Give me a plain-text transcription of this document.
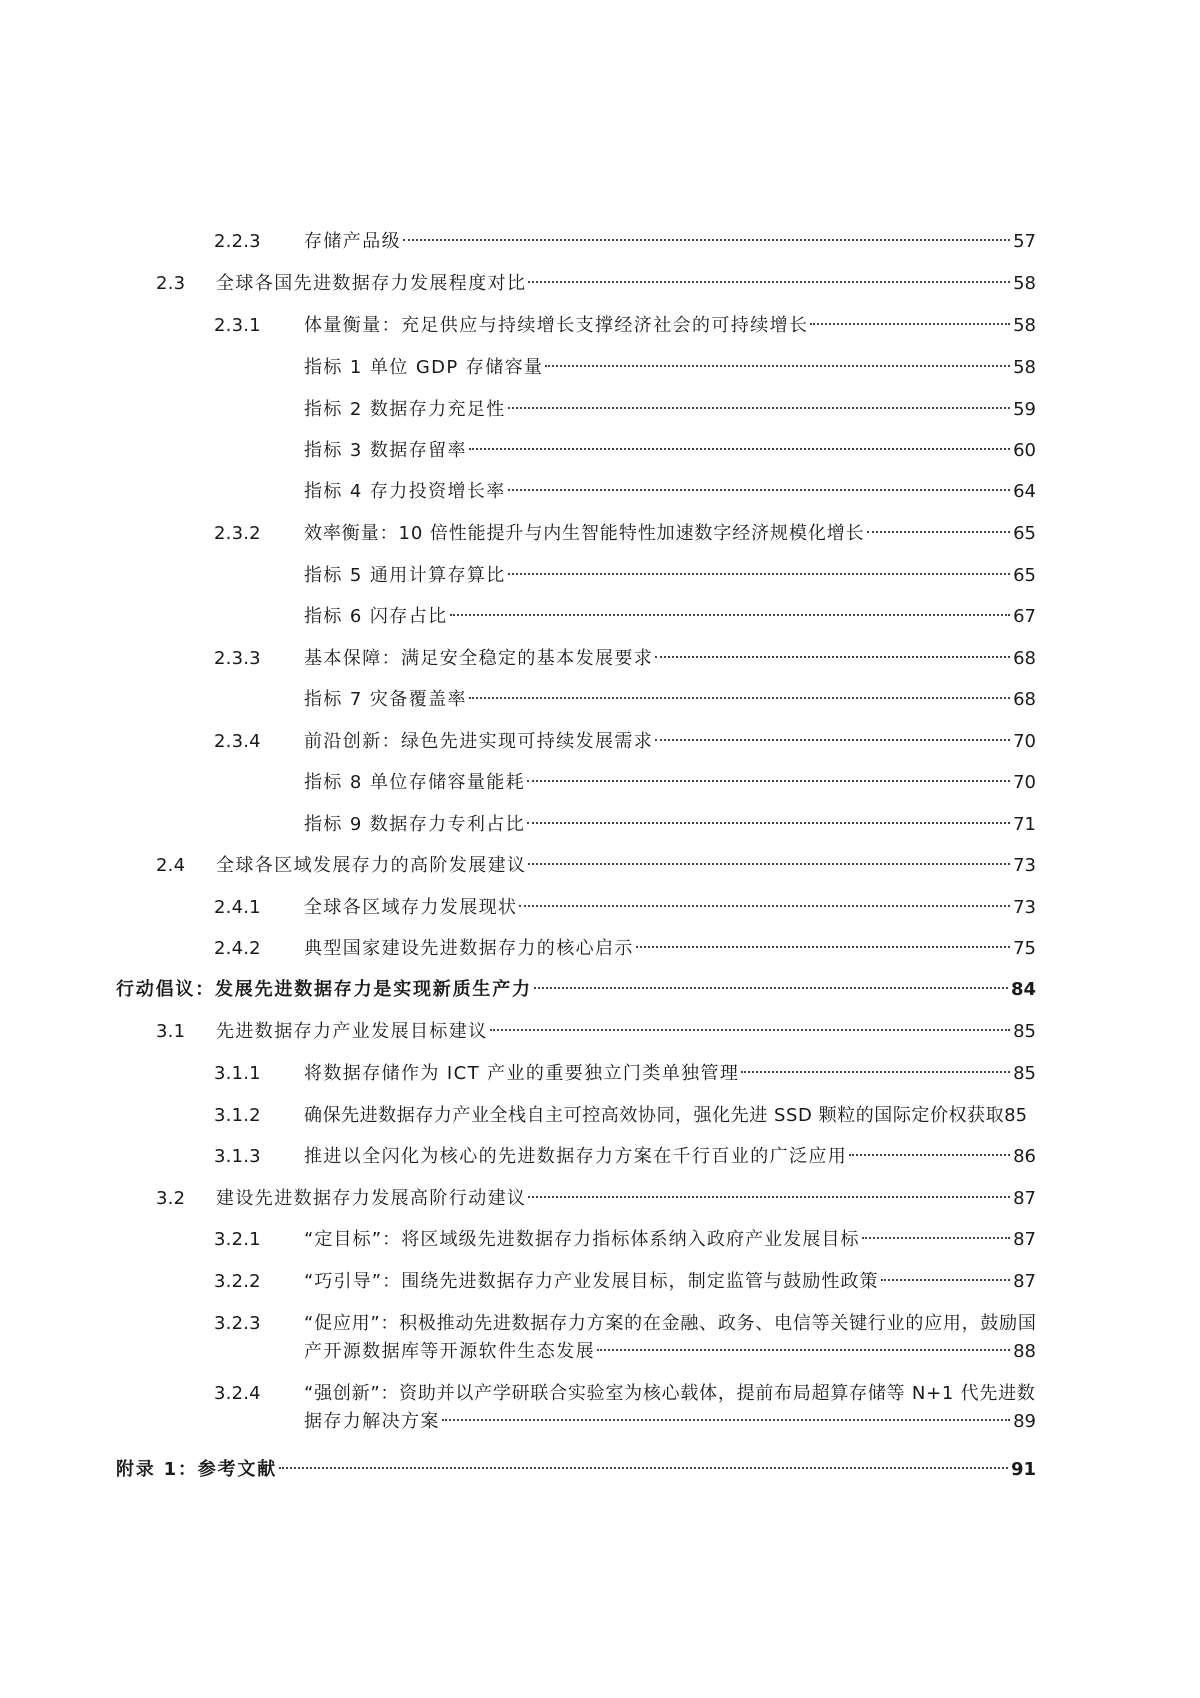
2.2.3 存储产品级	57
2.3 全球各国先进数据存力发展程度对比	58
2.3.1 体量衡量：充足供应与持续增长支撑经济社会的可持续增长	58
指标 1 单位 GDP 存储容量	58
指标 2 数据存力充足性	59
指标 3 数据存留率	60
指标 4 存力投资增长率	64
2.3.2 效率衡量：10 倍性能提升与内生智能特性加速数字经济规模化增长	65
指标 5 通用计算存算比	65
指标 6 闪存占比	67
2.3.3 基本保障：满足安全稳定的基本发展要求	68
指标 7 灾备覆盖率	68
2.3.4 前沿创新：绿色先进实现可持续发展需求	70
指标 8 单位存储容量能耗	70
指标 9 数据存力专利占比	71
2.4 全球各区域发展存力的高阶发展建议	73
2.4.1 全球各区域存力发展现状	73
2.4.2 典型国家建设先进数据存力的核心启示	75
行动倡议：发展先进数据存力是实现新质生产力	84
3.1 先进数据存力产业发展目标建议	85
3.1.1 将数据存储作为 ICT 产业的重要独立门类单独管理	85
3.1.2 确保先进数据存力产业全栈自主可控高效协同，强化先进 SSD 颗粒的国际定价权获取 85
3.1.3 推进以全闪化为核心的先进数据存力方案在千行百业的广泛应用	86
3.2 建设先进数据存力发展高阶行动建议	87
3.2.1 “定目标”：将区域级先进数据存力指标体系纳入政府产业发展目标	87
3.2.2 “巧引导”：围绕先进数据存力产业发展目标，制定监管与鼓励性政策	87
3.2.3 “促应用”：积极推动先进数据存力方案的在金融、政务、电信等关键行业的应用，鼓励国
产开源数据库等开源软件生态发展	88
3.2.4 “强创新”：资助并以产学研联合实验室为核心载体，提前布局超算存储等 N+1 代先进数
据存力解决方案	89
附录 1：参考文献	91
